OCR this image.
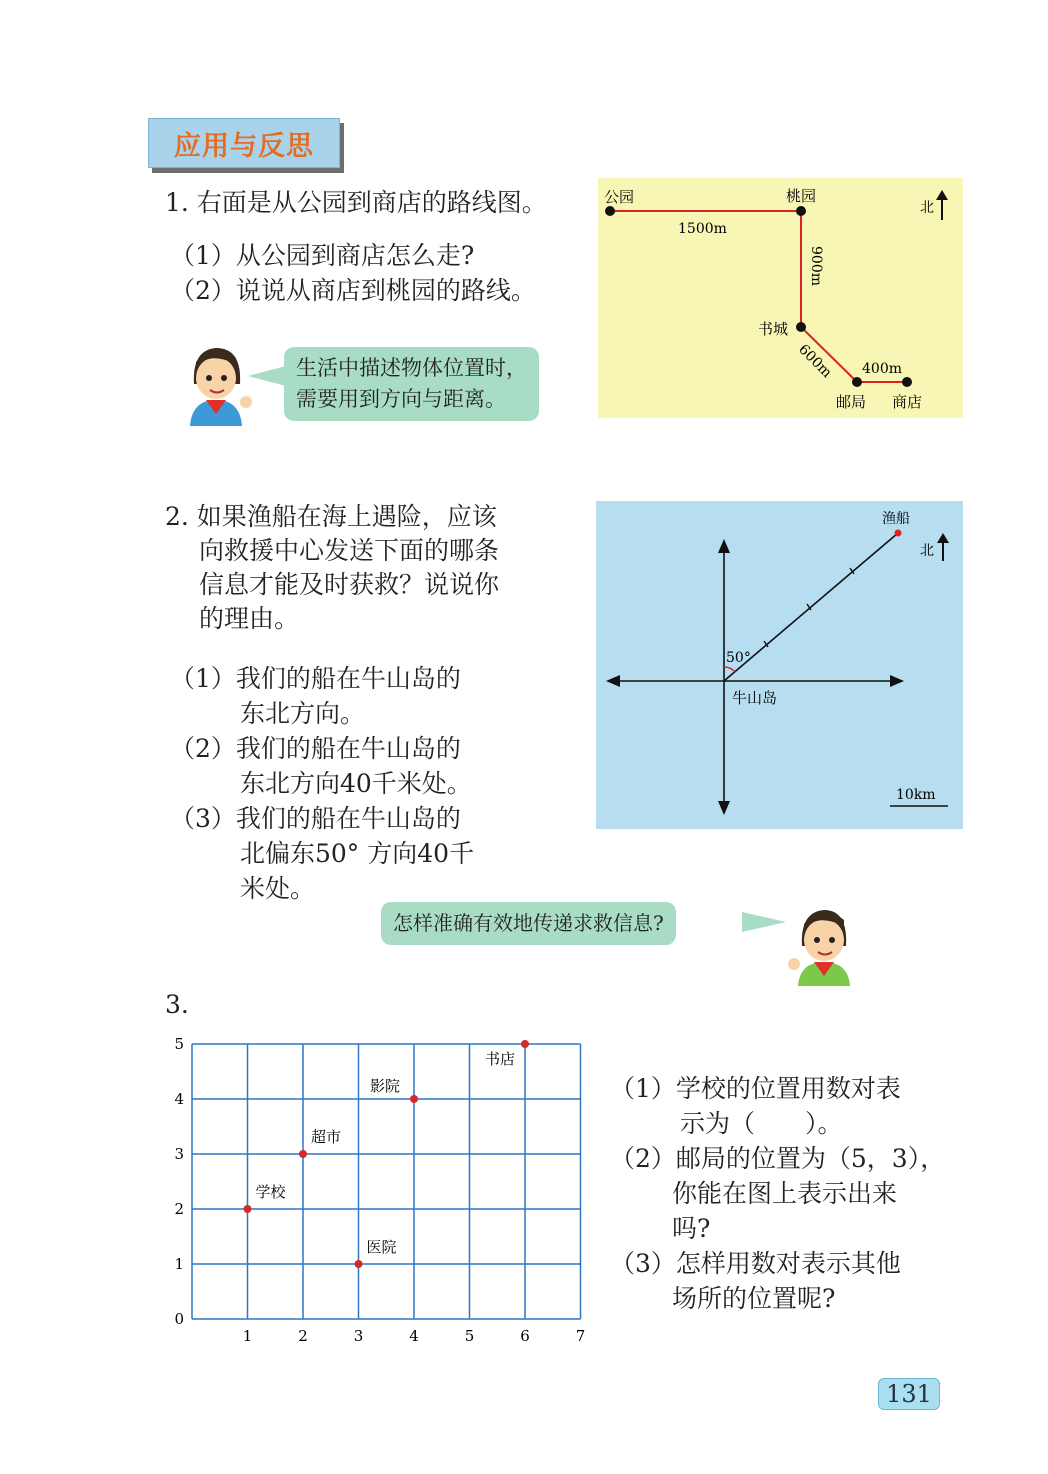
应用与反思
1. 右面是从公园到商店的路线图。
（1）从公园到商店怎么走?
（2）说说从商店到桃园的路线。
生活中描述物体位置时，
需要用到方向与距离。
公园	桃园
书城
邮局 商店
1500m
900m
600m 400m
北
2. 如果渔船在海上遇险，应该
向救援中心发送下面的哪条
信息才能及时获救？说说你
的理由。
（1）我们的船在牛山岛的
东北方向。
（2）我们的船在牛山岛的
东北方向40千米处。
（3）我们的船在牛山岛的
北偏东50° 方向40千
米处。
渔船
北
50°
牛山岛
10km
怎样准确有效地传递求救信息?
3.
1	2	3	4	5	6	7
0
1
2
3
4
5
学校
超市
影院
医院
书店
（1）学校的位置用数对表
示为（　　）。
（2）邮局的位置为（5，3），
你能在图上表示出来
吗?
（3）怎样用数对表示其他
场所的位置呢?
131
